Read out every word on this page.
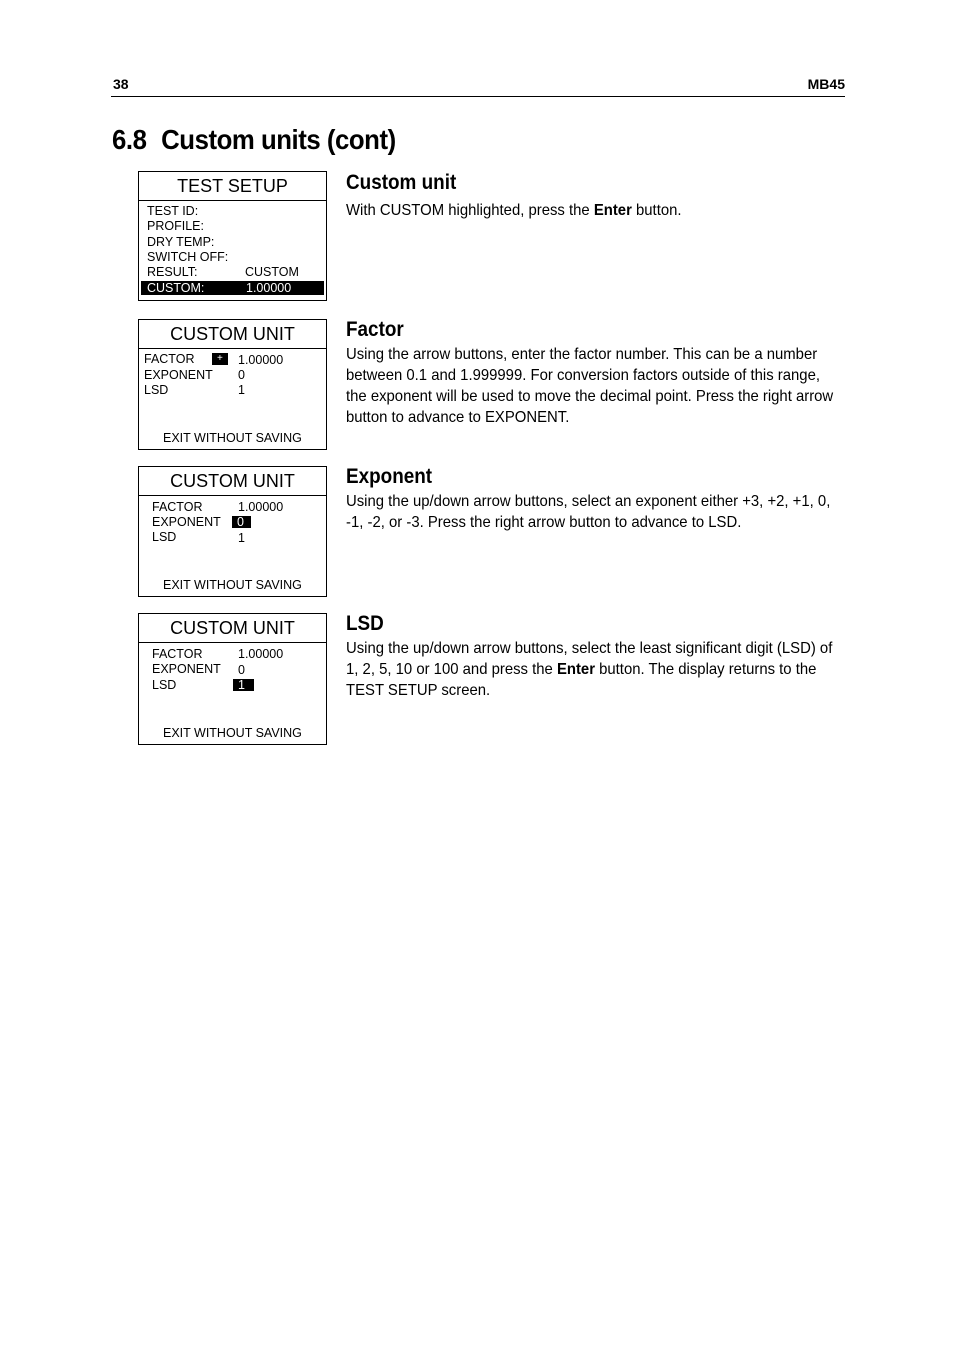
38	MB45
6.8 Custom units (cont)
TEST SETUP
TEST ID:
PROFILE:
DRY TEMP:
SWITCH OFF:
RESULT:	CUSTOM
CUSTOM:	1.00000
CUSTOM UNIT
FACTOR	+	1.00000
EXPONENT 0
LSD	1
EXIT WITHOUT SAVING
CUSTOM UNIT
FACTOR	1.00000
EXPONENT	0
LSD	1
EXIT WITHOUT SAVING
CUSTOM UNIT
FACTOR	1.00000
EXPONENT 0
LSD	1
EXIT WITHOUT SAVING
Custom unit
With CUSTOM highlighted, press the Enter button.
Factor
Using the arrow buttons, enter the factor number. This can be a number between 0.1 and 1.999999. For conversion factors outside of this range, the exponent will be used to move the decimal point. Press the right arrow button to advance to EXPONENT.
Exponent
Using the up/down arrow buttons, select an exponent either +3, +2, +1, 0, -1, -2, or -3. Press the right arrow button to advance to LSD.
LSD
Using the up/down arrow buttons, select the least significant digit (LSD) of 1, 2, 5, 10 or 100 and press the Enter button. The display returns to the TEST SETUP screen.
